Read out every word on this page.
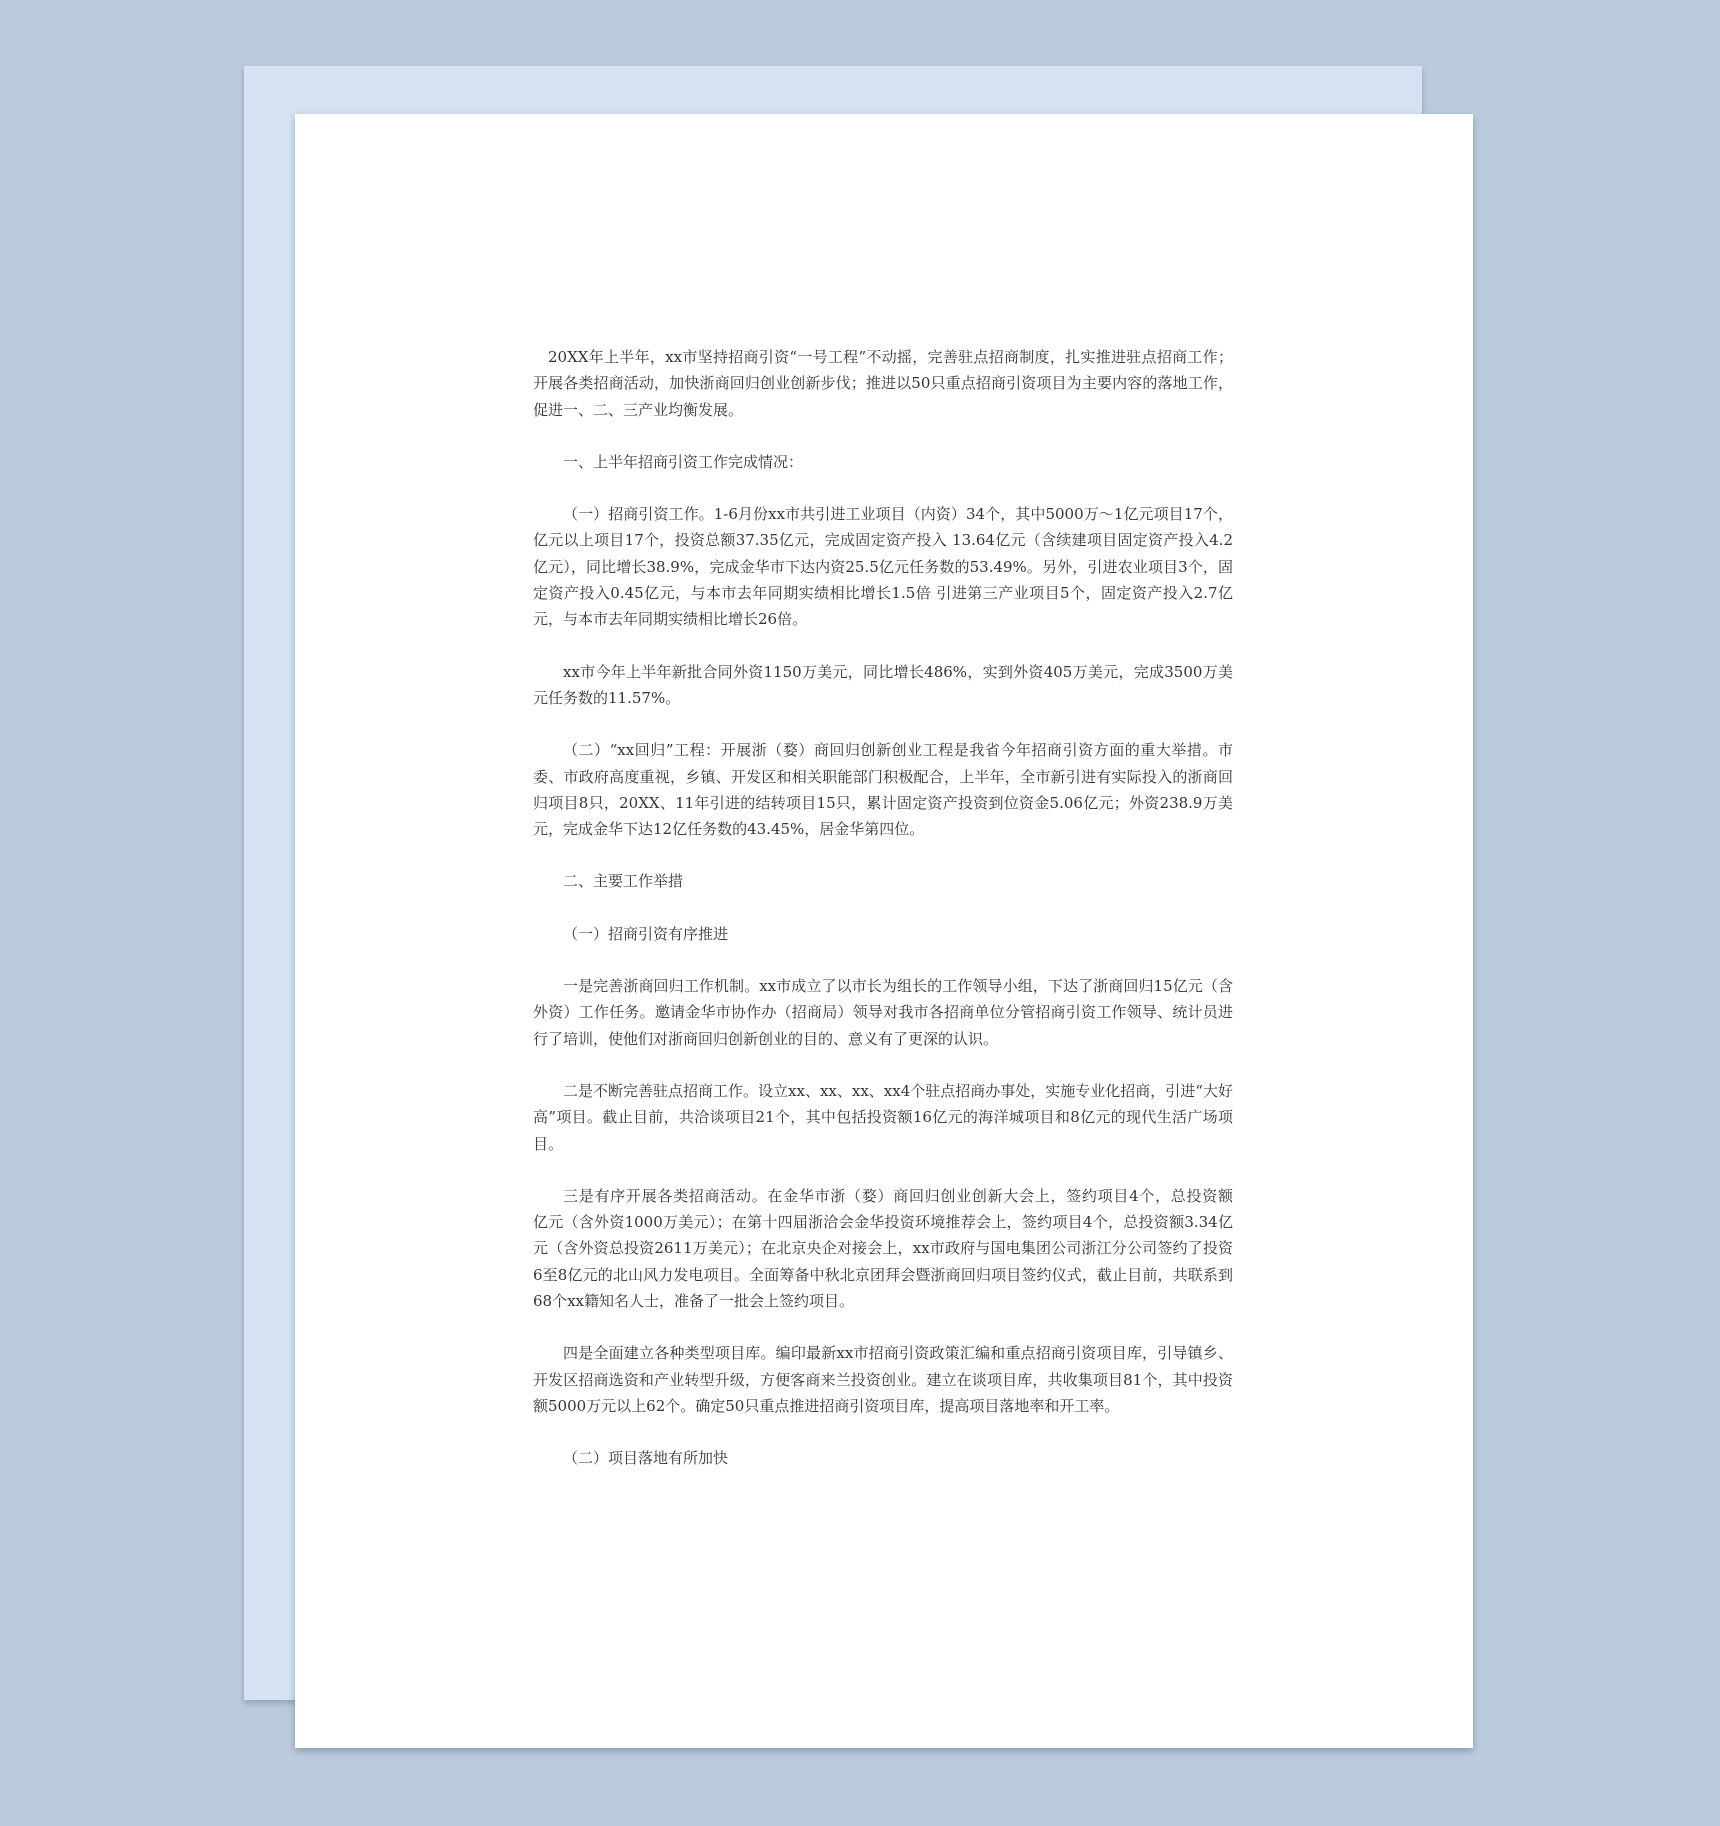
20XX年上半年，xx市坚持招商引资“一号工程”不动摇，完善驻点招商制度，扎实推进驻点招商工作；开展各类招商活动，加快浙商回归创业创新步伐；推进以50只重点招商引资项目为主要内容的落地工作，促进一、二、三产业均衡发展。

一、上半年招商引资工作完成情况：

（一）招商引资工作。1-6月份xx市共引进工业项目（内资）34个，其中5000万～1亿元项目17个，亿元以上项目17个，投资总额37.35亿元，完成固定资产投入 13.64亿元（含续建项目固定资产投入4.2亿元），同比增长38.9%，完成金华市下达内资25.5亿元任务数的53.49%。另外，引进农业项目3个，固定资产投入0.45亿元，与本市去年同期实绩相比增长1.5倍 引进第三产业项目5个，固定资产投入2.7亿元，与本市去年同期实绩相比增长26倍。

xx市今年上半年新批合同外资1150万美元，同比增长486%，实到外资405万美元，完成3500万美元任务数的11.57%。

（二）“xx回归”工程：开展浙（婺）商回归创新创业工程是我省今年招商引资方面的重大举措。市委、市政府高度重视，乡镇、开发区和相关职能部门积极配合，上半年，全市新引进有实际投入的浙商回归项目8只，20XX、11年引进的结转项目15只，累计固定资产投资到位资金5.06亿元；外资238.9万美元，完成金华下达12亿任务数的43.45%，居金华第四位。

二、主要工作举措

（一）招商引资有序推进

一是完善浙商回归工作机制。xx市成立了以市长为组长的工作领导小组，下达了浙商回归15亿元（含外资）工作任务。邀请金华市协作办（招商局）领导对我市各招商单位分管招商引资工作领导、统计员进行了培训，使他们对浙商回归创新创业的目的、意义有了更深的认识。

二是不断完善驻点招商工作。设立xx、xx、xx、xx4个驻点招商办事处，实施专业化招商，引进“大好高”项目。截止目前，共洽谈项目21个，其中包括投资额16亿元的海洋城项目和8亿元的现代生活广场项目。

三是有序开展各类招商活动。在金华市浙（婺）商回归创业创新大会上，签约项目4个，总投资额　　亿元（含外资1000万美元）；在第十四届浙洽会金华投资环境推荐会上，签约项目4个，总投资额3.34亿元（含外资总投资2611万美元）；在北京央企对接会上，xx市政府与国电集团公司浙江分公司签约了投资6至8亿元的北山风力发电项目。全面筹备中秋北京团拜会暨浙商回归项目签约仪式，截止目前，共联系到68个xx籍知名人士，准备了一批会上签约项目。

四是全面建立各种类型项目库。编印最新xx市招商引资政策汇编和重点招商引资项目库，引导镇乡、开发区招商选资和产业转型升级，方便客商来兰投资创业。建立在谈项目库，共收集项目81个，其中投资额5000万元以上62个。确定50只重点推进招商引资项目库，提高项目落地率和开工率。

（二）项目落地有所加快
